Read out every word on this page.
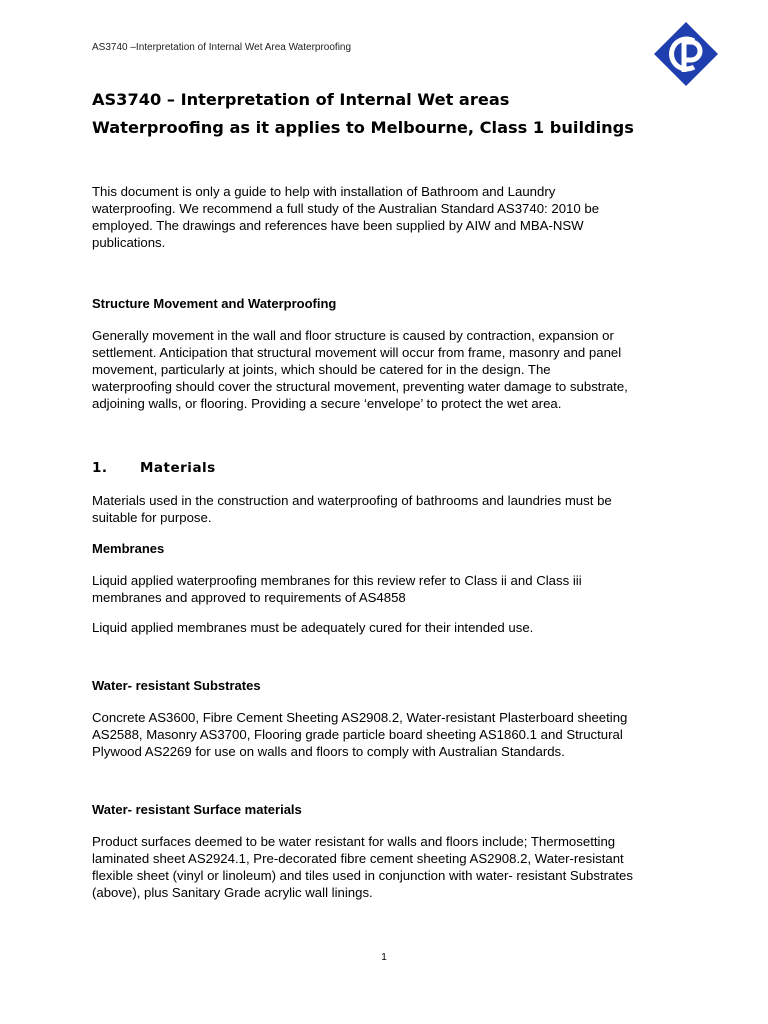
AS3740 –Interpretation of Internal Wet Area Waterproofing
AS3740 – Interpretation of Internal Wet areas
Waterproofing as it applies to Melbourne, Class 1 buildings
This document is only a guide to help with installation of Bathroom and Laundry
waterproofing. We recommend a full study of the Australian Standard AS3740: 2010 be
employed. The drawings and references have been supplied by AIW and MBA-NSW
publications.
Structure Movement and Waterproofing
Generally movement in the wall and floor structure is caused by contraction, expansion or
settlement. Anticipation that structural movement will occur from frame, masonry and panel
movement, particularly at joints, which should be catered for in the design. The
waterproofing should cover the structural movement, preventing water damage to substrate,
adjoining walls, or flooring. Providing a secure ‘envelope’ to protect the wet area.
1. Materials
Materials used in the construction and waterproofing of bathrooms and laundries must be
suitable for purpose.
Membranes
Liquid applied waterproofing membranes for this review refer to Class ii and Class iii
membranes and approved to requirements of AS4858
Liquid applied membranes must be adequately cured for their intended use.
Water- resistant Substrates
Concrete AS3600, Fibre Cement Sheeting AS2908.2, Water-resistant Plasterboard sheeting
AS2588, Masonry AS3700, Flooring grade particle board sheeting AS1860.1 and Structural
Plywood AS2269 for use on walls and floors to comply with Australian Standards.
Water- resistant Surface materials
Product surfaces deemed to be water resistant for walls and floors include; Thermosetting
laminated sheet AS2924.1, Pre-decorated fibre cement sheeting AS2908.2, Water-resistant
flexible sheet (vinyl or linoleum) and tiles used in conjunction with water- resistant Substrates
(above), plus Sanitary Grade acrylic wall linings.
1
